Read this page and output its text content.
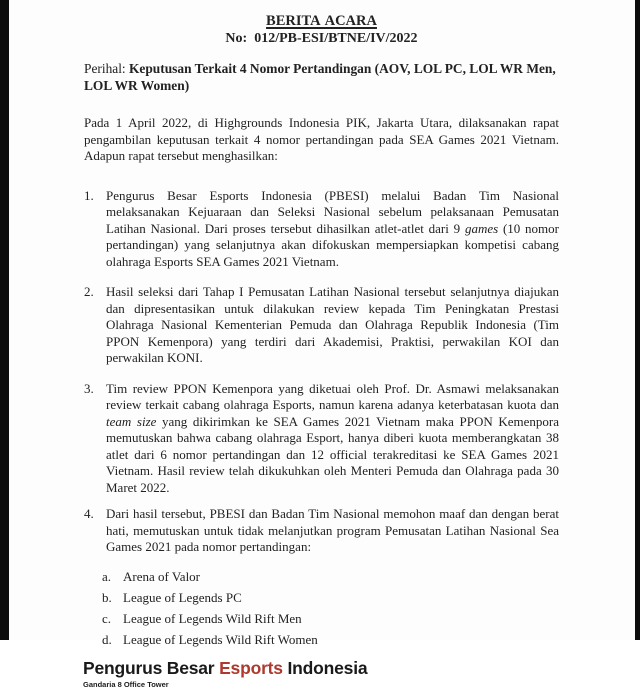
BERITA ACARA
No:  012/PB-ESI/BTNE/IV/2022

Perihal: Keputusan Terkait 4 Nomor Pertandingan (AOV, LOL PC, LOL WR Men, LOL WR Women)

Pada 1 April 2022, di Highgrounds Indonesia PIK, Jakarta Utara, dilaksanakan rapat pengambilan keputusan terkait 4 nomor pertandingan pada SEA Games 2021 Vietnam. Adapun rapat tersebut menghasilkan:

1. Pengurus Besar Esports Indonesia (PBESI) melalui Badan Tim Nasional melaksanakan Kejuaraan dan Seleksi Nasional sebelum pelaksanaan Pemusatan Latihan Nasional. Dari proses tersebut dihasilkan atlet-atlet dari 9 games (10 nomor pertandingan) yang selanjutnya akan difokuskan mempersiapkan kompetisi cabang olahraga Esports SEA Games 2021 Vietnam.
2. Hasil seleksi dari Tahap I Pemusatan Latihan Nasional tersebut selanjutnya diajukan dan dipresentasikan untuk dilakukan review kepada Tim Peningkatan Prestasi Olahraga Nasional Kementerian Pemuda dan Olahraga Republik Indonesia (Tim PPON Kemenpora) yang terdiri dari Akademisi, Praktisi, perwakilan KOI dan perwakilan KONI.
3. Tim review PPON Kemenpora yang diketuai oleh Prof. Dr. Asmawi melaksanakan review terkait cabang olahraga Esports, namun karena adanya keterbatasan kuota dan team size yang dikirimkan ke SEA Games 2021 Vietnam maka PPON Kemenpora memutuskan bahwa cabang olahraga Esport, hanya diberi kuota memberangkatan 38 atlet dari 6 nomor pertandingan dan 12 official terakreditasi ke SEA Games 2021 Vietnam. Hasil review telah dikukuhkan oleh Menteri Pemuda dan Olahraga pada 30 Maret 2022.
4. Dari hasil tersebut, PBESI dan Badan Tim Nasional memohon maaf dan dengan berat hati, memutuskan untuk tidak melanjutkan program Pemusatan Latihan Nasional Sea Games 2021 pada nomor pertandingan:
a. Arena of Valor
b. League of Legends PC
c. League of Legends Wild Rift Men
d. League of Legends Wild Rift Women
Pengurus Besar Esports Indonesia
Gandaria 8 Office Tower
